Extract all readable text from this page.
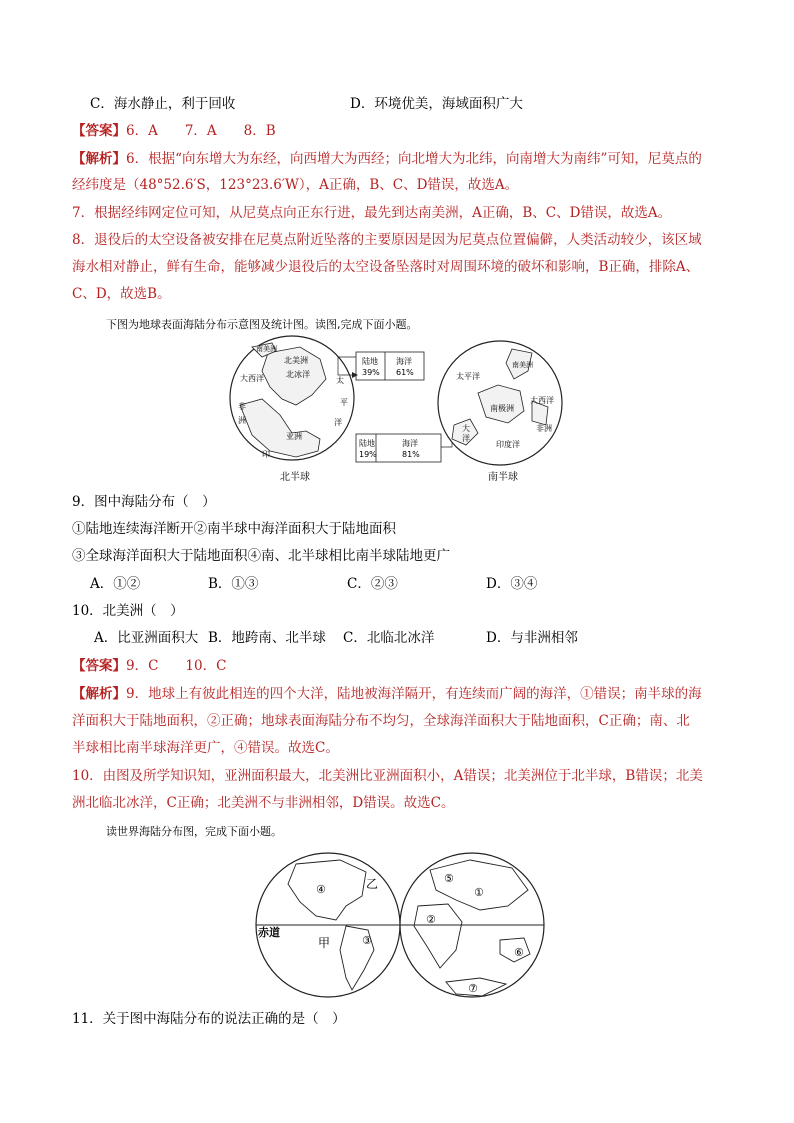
C．海水静止，利于回收	D．环境优美，海域面积广大
【答案】6．A　　7．A　　8．B
【解析】6．根据“向东增大为东经，向西增大为西经；向北增大为北纬，向南增大为南纬”可知，尼莫点的
经纬度是（48°52.6′S，123°23.6′W），A正确，B、C、D错误，故选A。
7．根据经纬网定位可知，从尼莫点向正东行进，最先到达南美洲，A正确，B、C、D错误，故选A。
8．退役后的太空设备被安排在尼莫点附近坠落的主要原因是因为尼莫点位置偏僻，人类活动较少，该区域
海水相对静止，鲜有生命，能够减少退役后的太空设备坠落时对周围环境的破坏和影响，B正确，排除A、
C、D，故选B。
下图为地球表面海陆分布示意图及统计图。读图,完成下面小题。
北冰洋
北美洲
大西洋	太
平
洋
非
洲
亚洲
印
南美洲
北半球
陆地
39%
海洋
61%
陆地
19%
海洋
81%
太平洋
南美洲
大西洋
南极洲
非洲
大
洋
印度洋
南半球
9．图中海陆分布（　）
①陆地连续海洋断开②南半球中海洋面积大于陆地面积
③全球海洋面积大于陆地面积④南、北半球相比南半球陆地更广
A．①②	B．①③	C．②③	D．③④
10．北美洲（　）
A．比亚洲面积大 B．地跨南、北半球 C．北临北冰洋	D．与非洲相邻
【答案】9．C　　10．C
【解析】9．地球上有彼此相连的四个大洋，陆地被海洋隔开，有连续而广阔的海洋，①错误；南半球的海
洋面积大于陆地面积，②正确；地球表面海陆分布不均匀，全球海洋面积大于陆地面积，C正确；南、北
半球相比南半球海洋更广，④错误。故选C。
10．由图及所学知识知，亚洲面积最大，北美洲比亚洲面积小，A错误；北美洲位于北半球，B错误；北美
洲北临北冰洋，C正确；北美洲不与非洲相邻，D错误。故选C。
读世界海陆分布图，完成下面小题。
④	乙
甲	③
⑤
①
②
⑥
⑦
赤道
11．关于图中海陆分布的说法正确的是（　）
